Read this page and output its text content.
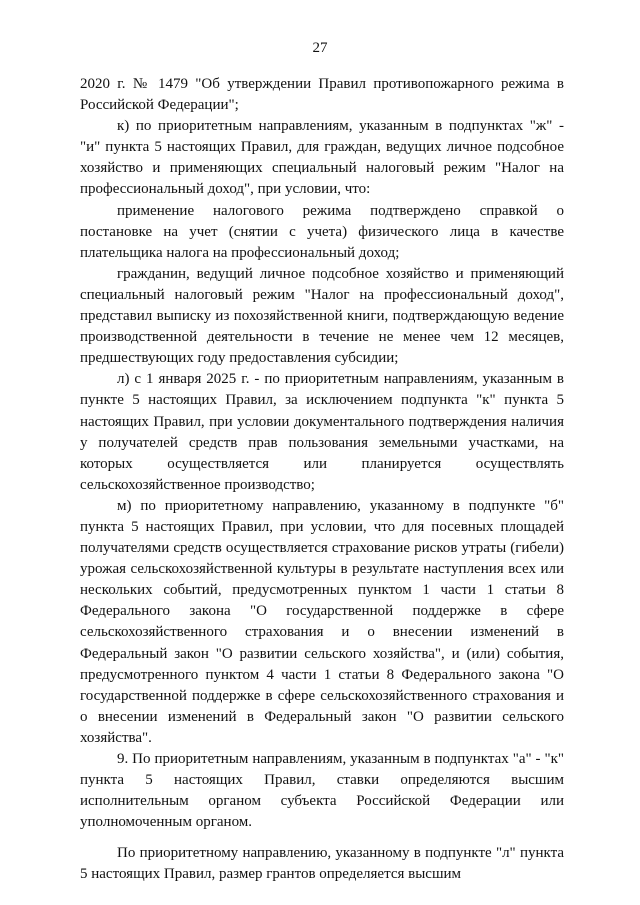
27

2020 г. № 1479 "Об утверждении Правил противопожарного режима в Российской Федерации";

к) по приоритетным направлениям, указанным в подпунктах "ж" - "и" пункта 5 настоящих Правил, для граждан, ведущих личное подсобное хозяйство и применяющих специальный налоговый режим "Налог на профессиональный доход", при условии, что:

применение налогового режима подтверждено справкой о постановке на учет (снятии с учета) физического лица в качестве плательщика налога на профессиональный доход;

гражданин, ведущий личное подсобное хозяйство и применяющий специальный налоговый режим "Налог на профессиональный доход", представил выписку из похозяйственной книги, подтверждающую ведение производственной деятельности в течение не менее чем 12 месяцев, предшествующих году предоставления субсидии;

л) с 1 января 2025 г. - по приоритетным направлениям, указанным в пункте 5 настоящих Правил, за исключением подпункта "к" пункта 5 настоящих Правил, при условии документального подтверждения наличия у получателей средств прав пользования земельными участками, на которых осуществляется или планируется осуществлять сельскохозяйственное производство;

м) по приоритетному направлению, указанному в подпункте "б" пункта 5 настоящих Правил, при условии, что для посевных площадей получателями средств осуществляется страхование рисков утраты (гибели) урожая сельскохозяйственной культуры в результате наступления всех или нескольких событий, предусмотренных пунктом 1 части 1 статьи 8 Федерального закона "О государственной поддержке в сфере сельскохозяйственного страхования и о внесении изменений в Федеральный закон "О развитии сельского хозяйства", и (или) события, предусмотренного пунктом 4 части 1 статьи 8 Федерального закона "О государственной поддержке в сфере сельскохозяйственного страхования и о внесении изменений в Федеральный закон "О развитии сельского хозяйства".

9. По приоритетным направлениям, указанным в подпунктах "а" - "к" пункта 5 настоящих Правил, ставки определяются высшим исполнительным органом субъекта Российской Федерации или уполномоченным органом.

По приоритетному направлению, указанному в подпункте "л" пункта 5 настоящих Правил, размер грантов определяется высшим
